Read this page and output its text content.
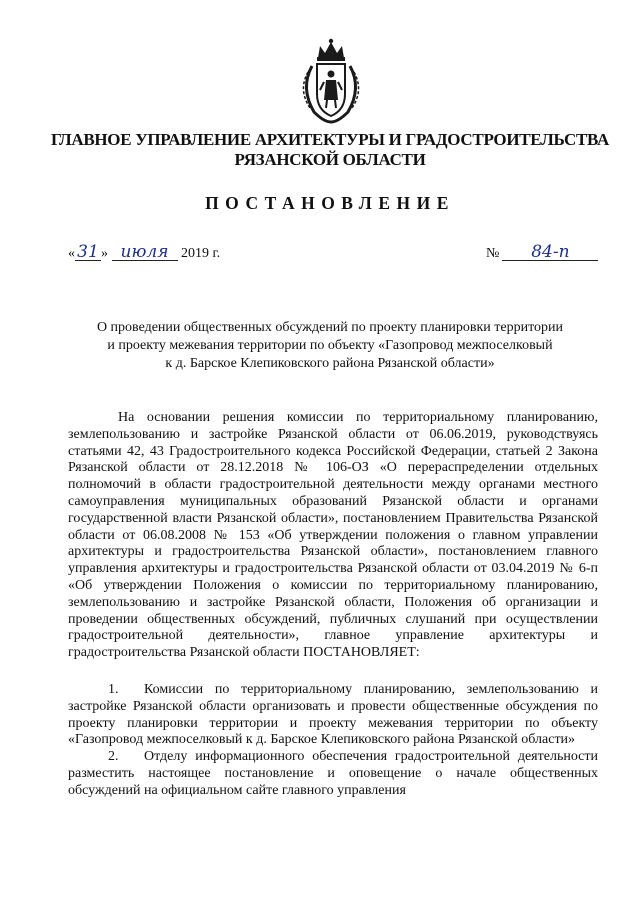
ГЛАВНОЕ УПРАВЛЕНИЕ АРХИТЕКТУРЫ И ГРАДОСТРОИТЕЛЬСТВА
РЯЗАНСКОЙ ОБЛАСТИ
ПОСТАНОВЛЕНИЕ
« 31 » июля 2019 г.	№ 84-п
О проведении общественных обсуждений по проекту планировки территории
и проекту межевания территории по объекту «Газопровод межпоселковый
к д. Барское Клепиковского района Рязанской области»

На основании решения комиссии по территориальному планированию, землепользованию и застройке Рязанской области от 06.06.2019, руководствуясь статьями 42, 43 Градостроительного кодекса Российской Федерации, статьей 2 Закона Рязанской области от 28.12.2018 № 106-ОЗ «О перераспределении отдельных полномочий в области градостроительной деятельности между органами местного самоуправления муниципальных образований Рязанской области и органами государственной власти Рязанской области», постановлением Правительства Рязанской области от 06.08.2008 № 153 «Об утверждении положения о главном управлении архитектуры и градостроительства Рязанской области», постановлением главного управления архитектуры и градостроительства Рязанской области от 03.04.2019 № 6-п «Об утверждении Положения о комиссии по территориальному планированию, землепользованию и застройке Рязанской области, Положения об организации и проведении общественных обсуждений, публичных слушаний при осуществлении градостроительной деятельности», главное управление архитектуры и градостроительства Рязанской области ПОСТАНОВЛЯЕТ:

1. Комиссии по территориальному планированию, землепользованию и застройке Рязанской области организовать и провести общественные обсуждения по проекту планировки территории и проекту межевания территории по объекту «Газопровод межпоселковый к д. Барское Клепиковского района Рязанской области»

2. Отделу информационного обеспечения градостроительной деятельности разместить настоящее постановление и оповещение о начале общественных обсуждений на официальном сайте главного управления
